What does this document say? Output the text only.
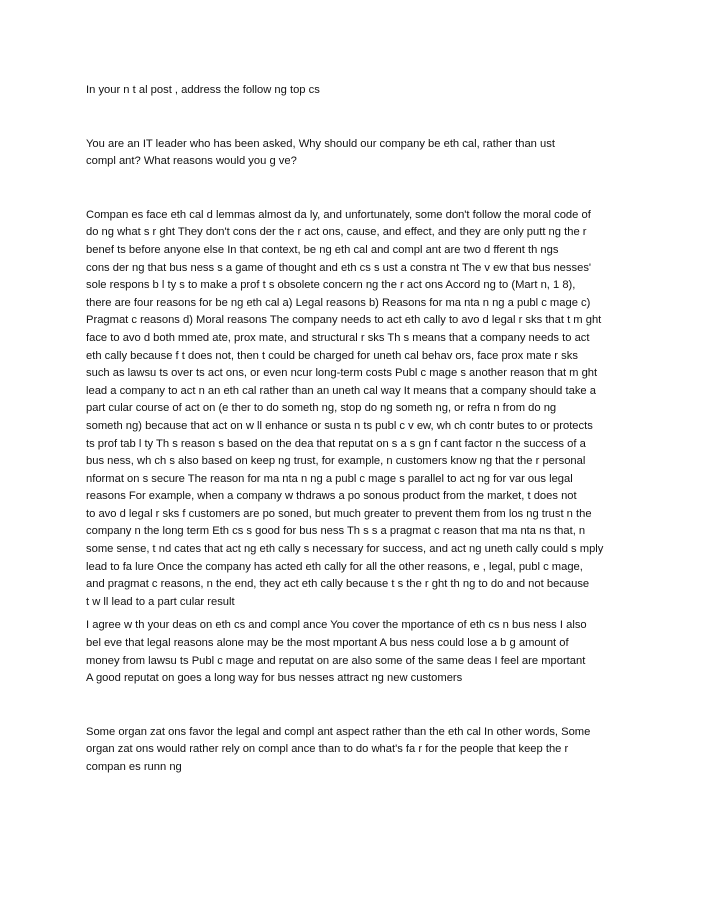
In your n t al post , address the follow ng top cs

You are an IT leader who has been asked, Why should our company be eth cal, rather than ust
compl ant? What reasons would you g ve?

Compan es face eth cal d lemmas almost da ly, and unfortunately, some don't follow the moral code of
do ng what s r ght They don't cons der the r act ons, cause, and effect, and they are only putt ng the r
benef ts before anyone else In that context, be ng eth cal and compl ant are two d fferent th ngs
cons der ng that bus ness s a game of thought and eth cs s ust a constra nt The v ew that bus nesses'
sole respons b l ty s to make a prof t s obsolete concern ng the r act ons Accord ng to (Mart n, 1 8),
there are four reasons for be ng eth cal a) Legal reasons b) Reasons for ma nta n ng a publ c mage c)
Pragmat c reasons d) Moral reasons The company needs to act eth cally to avo d legal r sks that t m ght
face to avo d both mmed ate, prox mate, and structural r sks Th s means that a company needs to act
eth cally because f t does not, then t could be charged for uneth cal behav ors, face prox mate r sks
such as lawsu ts over ts act ons, or even ncur long-term costs Publ c mage s another reason that m ght
lead a company to act n an eth cal rather than an uneth cal way It means that a company should take a
part cular course of act on (e ther to do someth ng, stop do ng someth ng, or refra n from do ng
someth ng) because that act on w ll enhance or susta n ts publ c v ew, wh ch contr butes to or protects
ts prof tab l ty Th s reason s based on the dea that reputat on s a s gn f cant factor n the success of a
bus ness, wh ch s also based on keep ng trust, for example, n customers know ng that the r personal
nformat on s secure The reason for ma nta n ng a publ c mage s parallel to act ng for var ous legal
reasons For example, when a company w thdraws a po sonous product from the market, t does not
to avo d legal r sks f customers are po soned, but much greater to prevent them from los ng trust n the
company n the long term Eth cs s good for bus ness Th s s a pragmat c reason that ma nta ns that, n
some sense, t nd cates that act ng eth cally s necessary for success, and act ng uneth cally could s mply
lead to fa lure Once the company has acted eth cally for all the other reasons, e , legal, publ c mage,
and pragmat c reasons, n the end, they act eth cally because t s the r ght th ng to do and not because
t w ll lead to a part cular result

I agree w th your deas on eth cs and compl ance You cover the mportance of eth cs n bus ness I also
bel eve that legal reasons alone may be the most mportant A bus ness could lose a b g amount of
money from lawsu ts Publ c mage and reputat on are also some of the same deas I feel are mportant
A good reputat on goes a long way for bus nesses attract ng new customers

Some organ zat ons favor the legal and compl ant aspect rather than the eth cal In other words, Some
organ zat ons would rather rely on compl ance than to do what's fa r for the people that keep the r
compan es runn ng
